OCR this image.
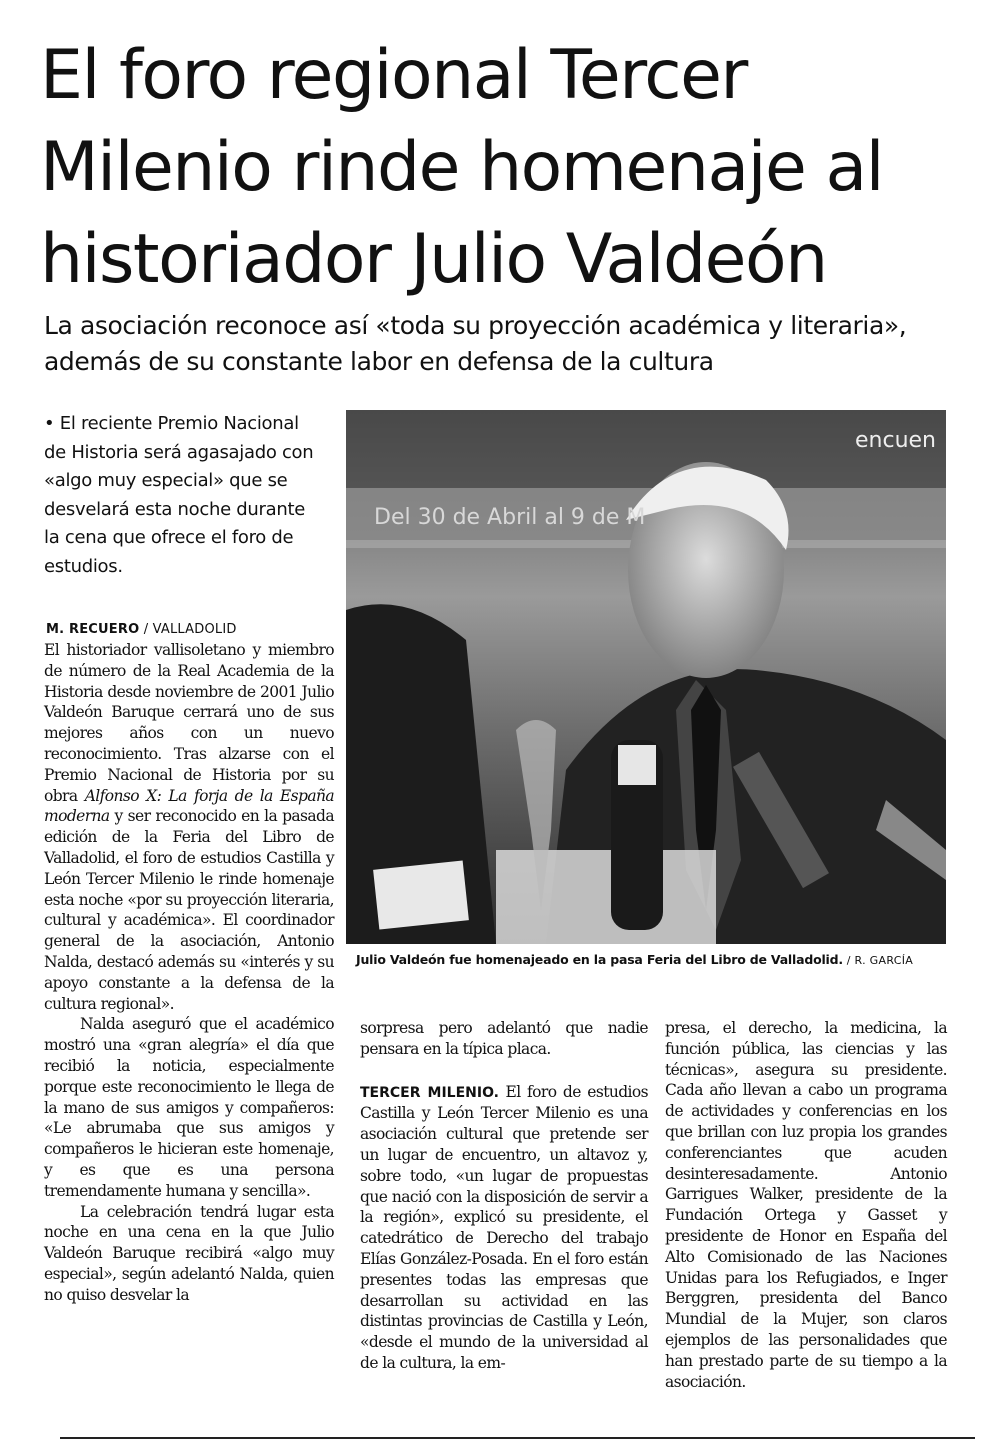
El foro regional Tercer Milenio rinde homenaje al historiador Julio Valdeón

La asociación reconoce así «toda su proyección académica y literaria», además de su constante labor en defensa de la cultura

• El reciente Premio Nacional de Historia será agasajado con «algo muy especial» que se desvelará esta noche durante la cena que ofrece el foro de estudios.

M. RECUERO / VALLADOLID
Del 30 de Abril al 9 de M
encuen
Julio Valdeón fue homenajeado en la pasa Feria del Libro de Valladolid. / R. GARCÍA

El historiador vallisoletano y miembro de número de la Real Academia de la Historia desde noviembre de 2001 Julio Valdeón Baruque cerrará uno de sus mejores años con un nuevo reconocimiento. Tras alzarse con el Premio Nacional de Historia por su obra Alfonso X: La forja de la España moderna y ser reconocido en la pasada edición de la Feria del Libro de Valladolid, el foro de estudios Castilla y León Tercer Milenio le rinde homenaje esta noche «por su proyección literaria, cultural y académica». El coordinador general de la asociación, Antonio Nalda, destacó además su «interés y su apoyo constante a la defensa de la cultura regional».

Nalda aseguró que el académico mostró una «gran alegría» el día que recibió la noticia, especialmente porque este reconocimiento le llega de la mano de sus amigos y compañeros: «Le abrumaba que sus amigos y compañeros le hicieran este homenaje, y es que es una persona tremendamente humana y sencilla».

La celebración tendrá lugar esta noche en una cena en la que Julio Valdeón Baruque recibirá «algo muy especial», según adelantó Nalda, quien no quiso desvelar la

sorpresa pero adelantó que nadie pensara en la típica placa.

TERCER MILENIO. El foro de estudios Castilla y León Tercer Milenio es una asociación cultural que pretende ser un lugar de encuentro, un altavoz y, sobre todo, «un lugar de propuestas que nació con la disposición de servir a la región», explicó su presidente, el catedrático de Derecho del trabajo Elías González-Posada. En el foro están presentes todas las empresas que desarrollan su actividad en las distintas provincias de Castilla y León, «desde el mundo de la universidad al de la cultura, la em-

presa, el derecho, la medicina, la función pública, las ciencias y las técnicas», asegura su presidente. Cada año llevan a cabo un programa de actividades y conferencias en los que brillan con luz propia los grandes conferenciantes que acuden desinteresadamente. Antonio Garrigues Walker, presidente de la Fundación Ortega y Gasset y presidente de Honor en España del Alto Comisionado de las Naciones Unidas para los Refugiados, e Inger Berggren, presidenta del Banco Mundial de la Mujer, son claros ejemplos de las personalidades que han prestado parte de su tiempo a la asociación.
